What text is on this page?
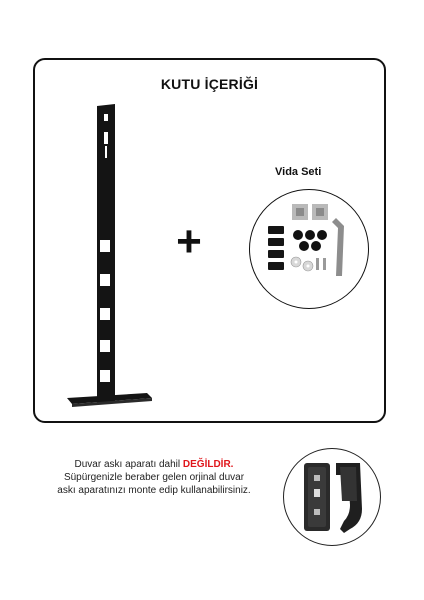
KUTU İÇERİĞİ
+
Vida Seti
Duvar askı aparatı dahil DEĞİLDİR.
Süpürgenizle beraber gelen orjinal duvar
askı aparatınızı monte edip kullanabilirsiniz.
